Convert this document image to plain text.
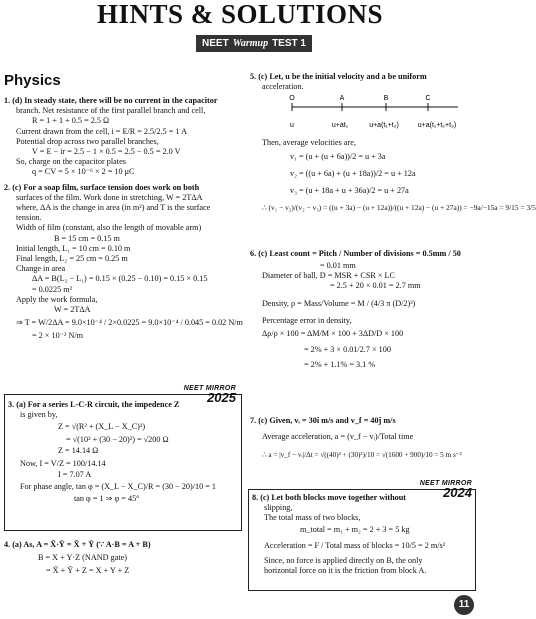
HINTS & SOLUTIONS
NEET Warmup TEST 1
Physics

1. (d) In steady state, there will be no current in the capacitor

branch. Net resistance of the first parallel branch and cell,

R = 1 + 1 + 0.5 = 2.5 Ω

Current drawn from the cell, i = E/R = 2.5/2.5 = 1 A

Potential drop across two parallel branches,

V = E − ir = 2.5 − 1 × 0.5 = 2.5 − 0.5 = 2.0 V

So, charge on the capacitor plates

q = CV = 5 × 10⁻⁶ × 2 = 10 μC

2. (c) For a soap film, surface tension does work on both

surfaces of the film. Work done in stretching, W = 2TΔA

where, ΔA is the change in area (in m²) and T is the surface

tension.

Width of film (constant, also the length of movable arm)

B = 15 cm = 0.15 m

Initial length, L₁ = 10 cm = 0.10 m

Final length, L₂ = 25 cm = 0.25 m

Change in area

ΔA = B(L₂ − L₁) = 0.15 × (0.25 − 0.10) = 0.15 × 0.15

= 0.0225 m²

Apply the work formula,

W = 2TΔA

⇒ T = W/2ΔA = 9.0×10⁻⁴ / 2×0.0225 = 9.0×10⁻⁴ / 0.045 = 0.02 N/m

= 2 × 10⁻² N/m

NEET MIRROR
2025

3. (a) For a series L-C-R circuit, the impedence Z

is given by,

Z = √(R² + (X_L − X_C)²)

= √(10² + (30 − 20)²) = √200 Ω

Z = 14.14 Ω

Now, I = V/Z = 100/14.14

I = 7.07 A

For phase angle, tan φ = (X_L − X_C)/R = (30 − 20)/10 = 1

tan φ = 1 ⇒ φ = 45°

4. (a) As, A = X̄·Ȳ = X̄ + Ȳ (∵ A·B = A + B)

B = X + Y·Z (NAND gate)

= X̄ + Ȳ + Z = X + Y + Z

5. (c) Let, u be the initial velocity and a be uniform

acceleration.

O	A	B	C
u	u+at₁	u+a(t₁+t₂)	u+a(t₁+t₂+t₃)

Then, average velocities are,

v₁ = (u + (u + 6a))/2 = u + 3a

v₂ = ((u + 6a) + (u + 18a))/2 = u + 12a

v₃ = (u + 18a + u + 36a)/2 = u + 27a

∴ (v₁ − v₂)/(v₂ − v₃) = ((u + 3a) − (u + 12a))/((u + 12a) − (u + 27a)) = −9a/−15a = 9/15 = 3/5

6. (c) Least count = Pitch / Number of divisions = 0.5mm / 50

= 0.01 mm

Diameter of ball, D = MSR + CSR × LC

= 2.5 + 20 × 0.01 = 2.7 mm

Density, ρ = Mass/Volume = M / (4/3 π (D/2)³)

Percentage error in density,

Δρ/ρ × 100 = ΔM/M × 100 + 3ΔD/D × 100

= 2% + 3 × 0.01/2.7 × 100

= 2% + 1.1% = 3.1 %

7. (c) Given, vᵢ = 30î m/s and v_f = 40ĵ m/s

Average acceleration, a = (v_f − vᵢ)/Total time

∴ a = |v_f − vᵢ|/Δt = √((40)² + (30)²)/10 = √(1600 + 900)/10 = 5 m s⁻²

NEET MIRROR
2024

8. (c) Let both blocks move together without

slipping,

The total mass of two blocks,

m_total = m₁ + m₂ = 2 + 3 = 5 kg

Acceleration = F / Total mass of blocks = 10/5 = 2 m/s²

Since, no force is applied directly on B, the only

horizontal force on it is the friction from block A.

11
